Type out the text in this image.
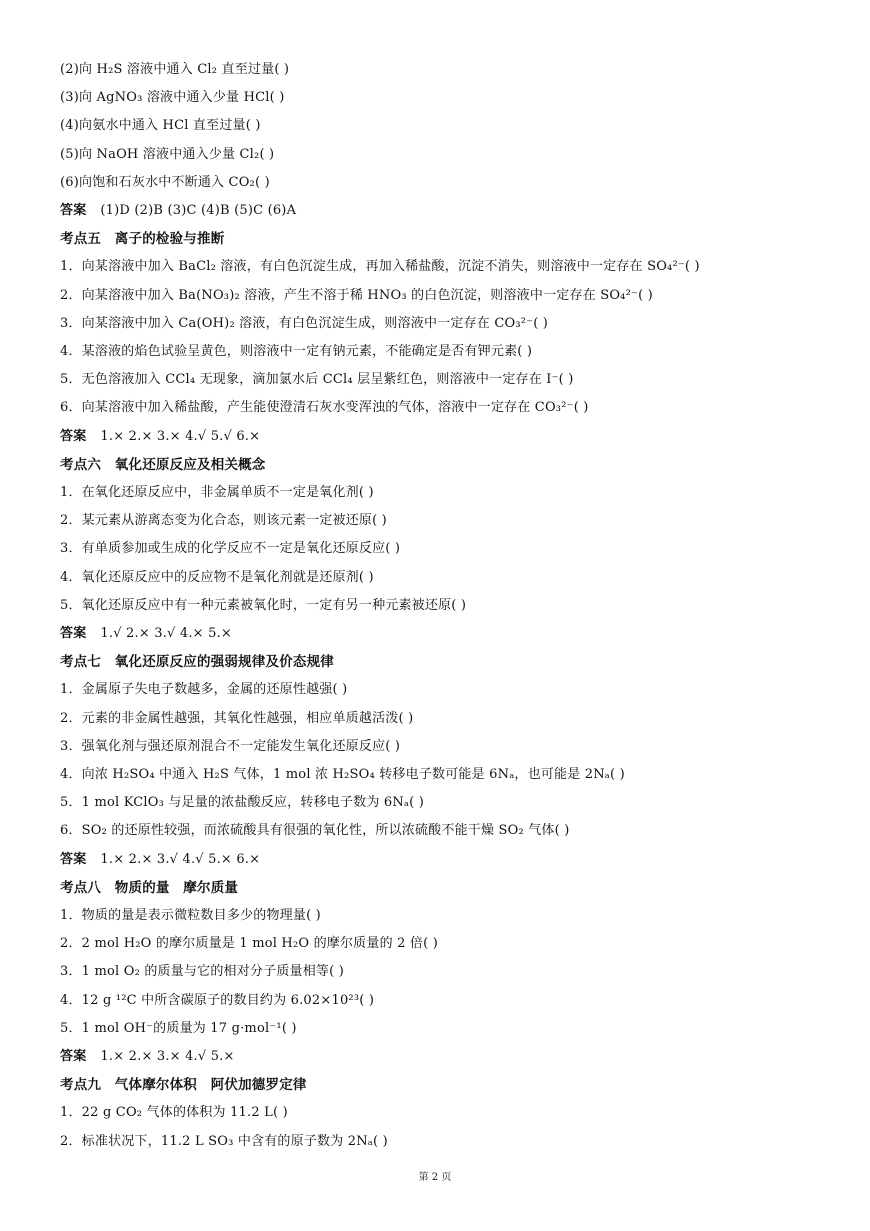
(2)向 H₂S 溶液中通入 Cl₂ 直至过量( )
(3)向 AgNO₃ 溶液中通入少量 HCl( )
(4)向氨水中通入 HCl 直至过量( )
(5)向 NaOH 溶液中通入少量 Cl₂( )
(6)向饱和石灰水中不断通入 CO₂( )
答案 (1)D (2)B (3)C (4)B (5)C (6)A
考点五　离子的检验与推断
1．向某溶液中加入 BaCl₂ 溶液，有白色沉淀生成，再加入稀盐酸，沉淀不消失，则溶液中一定存在 SO₄²⁻( )
2．向某溶液中加入 Ba(NO₃)₂ 溶液，产生不溶于稀 HNO₃ 的白色沉淀，则溶液中一定存在 SO₄²⁻( )
3．向某溶液中加入 Ca(OH)₂ 溶液，有白色沉淀生成，则溶液中一定存在 CO₃²⁻( )
4．某溶液的焰色试验呈黄色，则溶液中一定有钠元素，不能确定是否有钾元素( )
5．无色溶液加入 CCl₄ 无现象，滴加氯水后 CCl₄ 层呈紫红色，则溶液中一定存在 I⁻( )
6．向某溶液中加入稀盐酸，产生能使澄清石灰水变浑浊的气体，溶液中一定存在 CO₃²⁻( )
答案 1.× 2.× 3.× 4.√ 5.√ 6.×
考点六　氧化还原反应及相关概念
1．在氧化还原反应中，非金属单质不一定是氧化剂( )
2．某元素从游离态变为化合态，则该元素一定被还原( )
3．有单质参加或生成的化学反应不一定是氧化还原反应( )
4．氧化还原反应中的反应物不是氧化剂就是还原剂( )
5．氧化还原反应中有一种元素被氧化时，一定有另一种元素被还原( )
答案 1.√ 2.× 3.√ 4.× 5.×
考点七　氧化还原反应的强弱规律及价态规律
1．金属原子失电子数越多，金属的还原性越强( )
2．元素的非金属性越强，其氧化性越强，相应单质越活泼( )
3．强氧化剂与强还原剂混合不一定能发生氧化还原反应( )
4．向浓 H₂SO₄ 中通入 H₂S 气体，1 mol 浓 H₂SO₄ 转移电子数可能是 6Nₐ，也可能是 2Nₐ( )
5．1 mol KClO₃ 与足量的浓盐酸反应，转移电子数为 6Nₐ( )
6．SO₂ 的还原性较强，而浓硫酸具有很强的氧化性，所以浓硫酸不能干燥 SO₂ 气体( )
答案 1.× 2.× 3.√ 4.√ 5.× 6.×
考点八　物质的量　摩尔质量
1．物质的量是表示微粒数目多少的物理量( )
2．2 mol H₂O 的摩尔质量是 1 mol H₂O 的摩尔质量的 2 倍( )
3．1 mol O₂ 的质量与它的相对分子质量相等( )
4．12 g ¹²C 中所含碳原子的数目约为 6.02×10²³( )
5．1 mol OH⁻的质量为 17 g·mol⁻¹( )
答案 1.× 2.× 3.× 4.√ 5.×
考点九　气体摩尔体积　阿伏加德罗定律
1．22 g CO₂ 气体的体积为 11.2 L( )
2．标准状况下，11.2 L SO₃ 中含有的原子数为 2Nₐ( )
第 2 页
